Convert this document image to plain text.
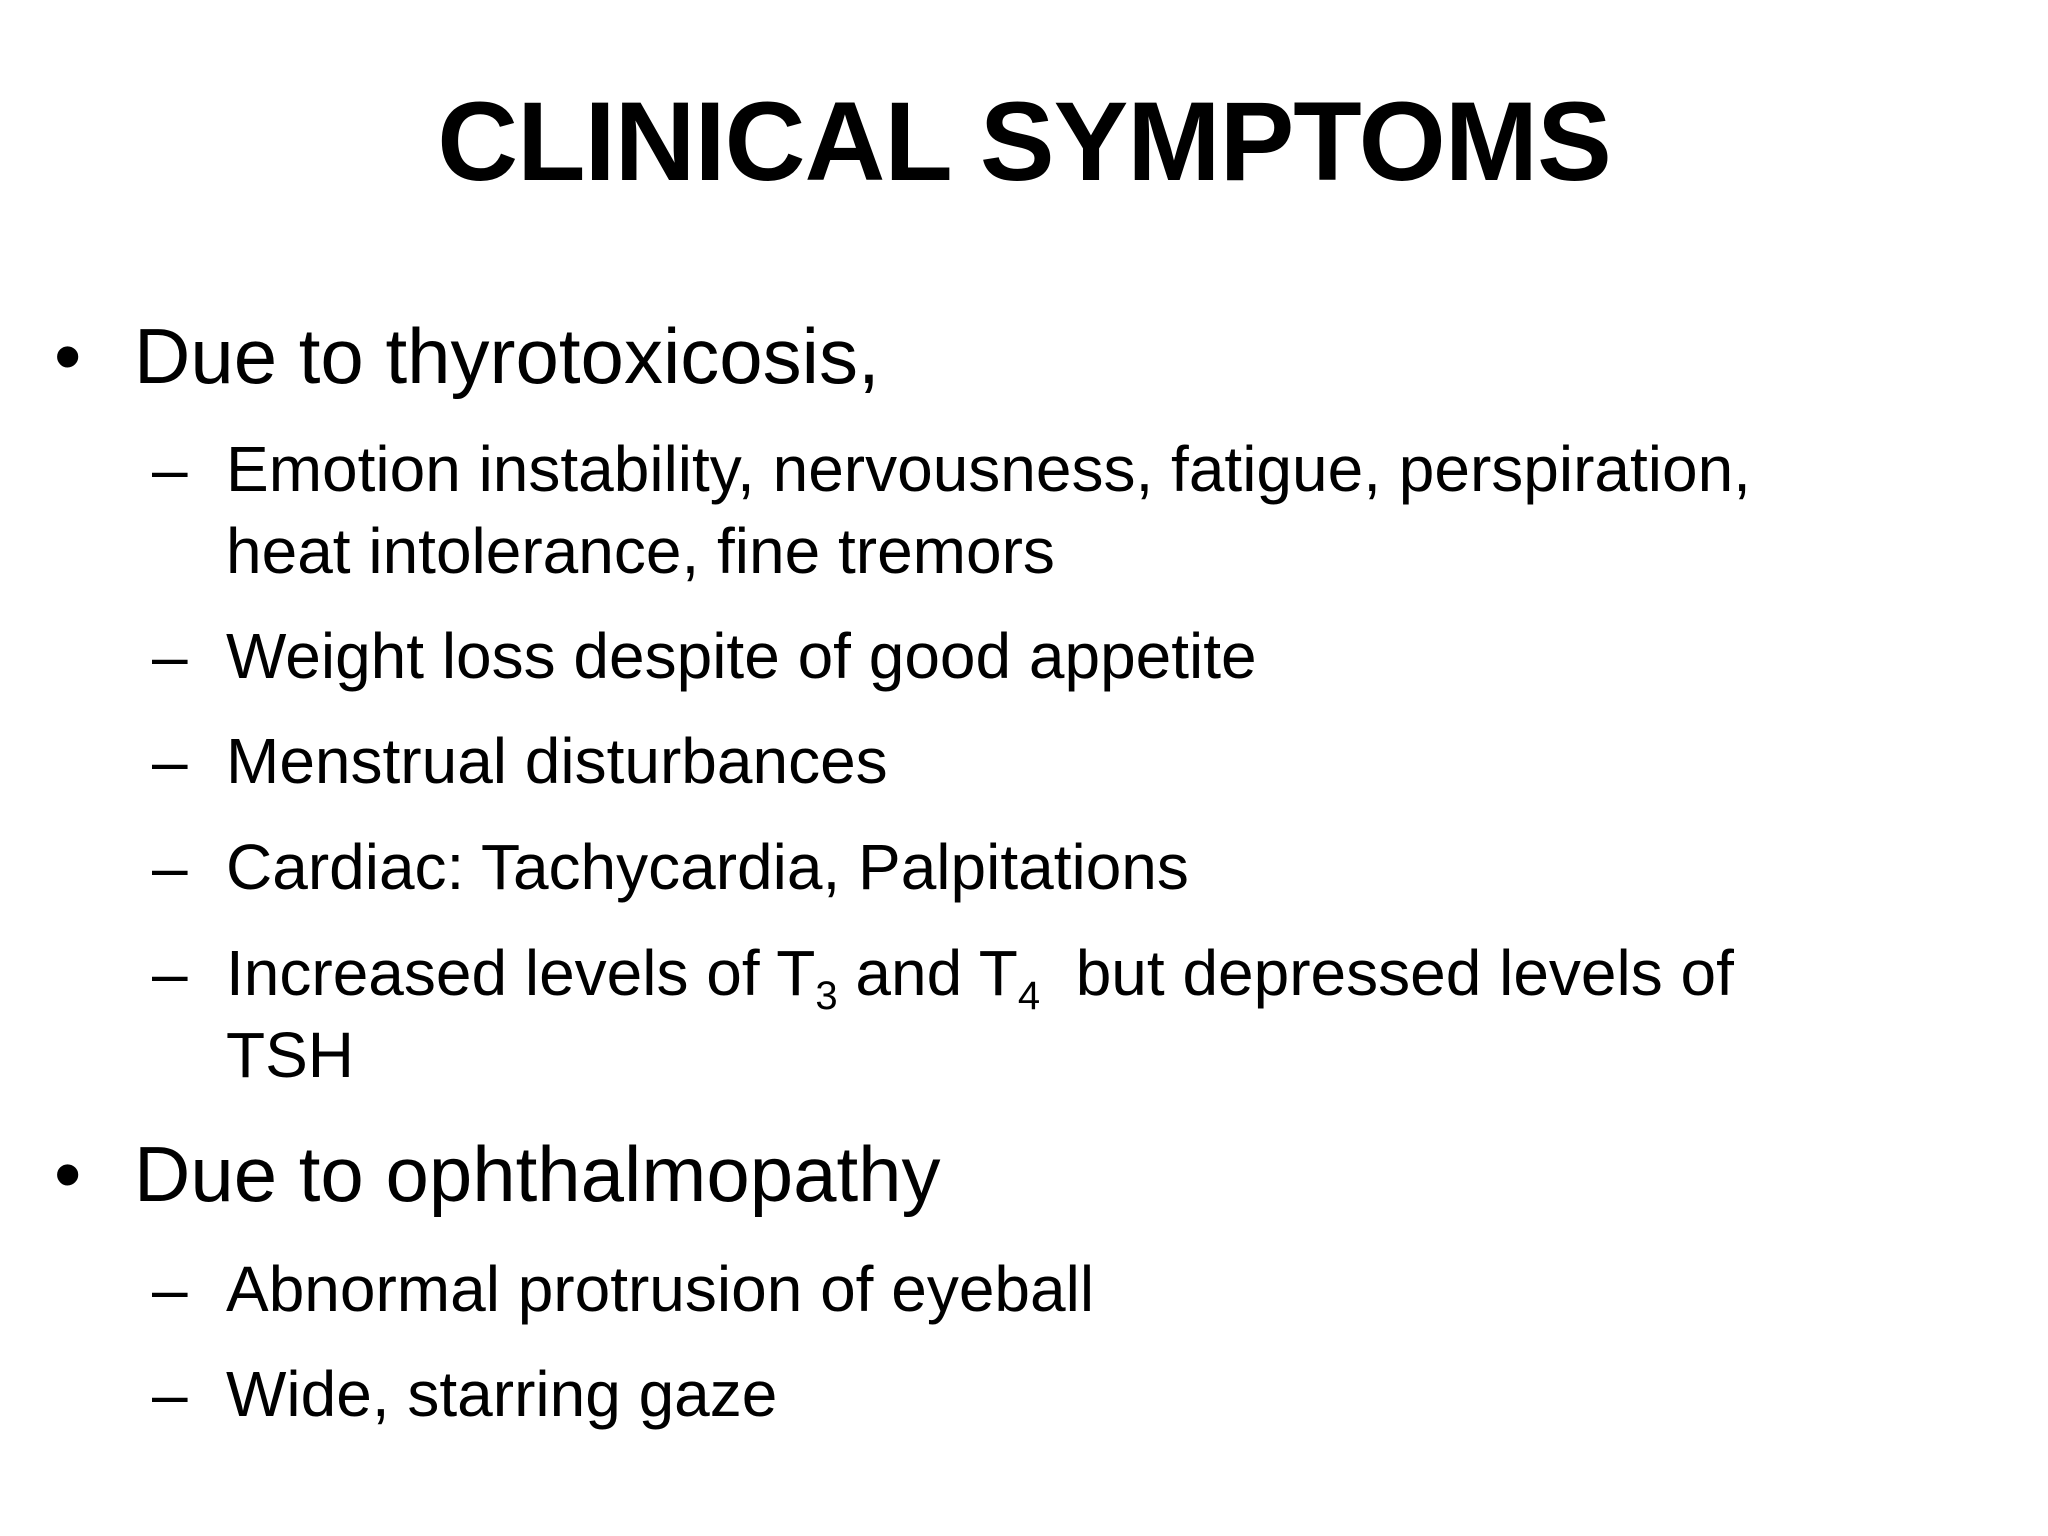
CLINICAL SYMPTOMS
• Due to thyrotoxicosis,
– Emotion instability, nervousness, fatigue, perspiration,
heat intolerance, fine tremors
– Weight loss despite of good appetite
– Menstrual disturbances
– Cardiac: Tachycardia, Palpitations
– Increased levels of $T_3$ and $T_4$  but depressed levels of
TSH
• Due to ophthalmopathy
– Abnormal protrusion of eyeball
– Wide, starring gaze
